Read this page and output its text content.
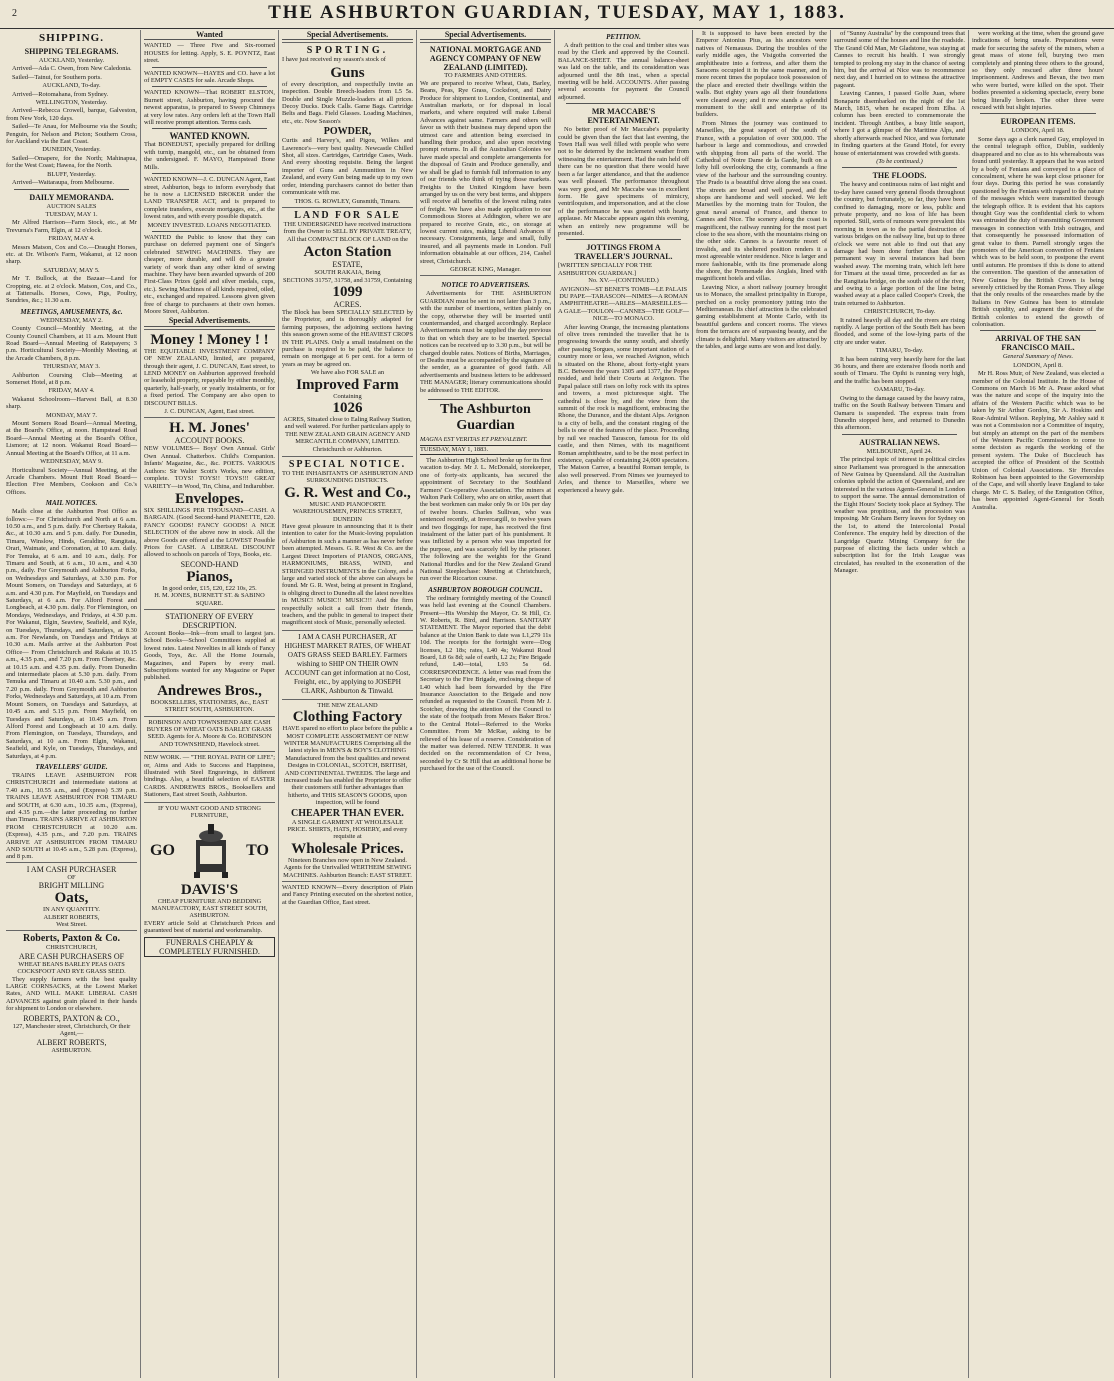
2	THE ASHBURTON GUARDIAN, TUESDAY, MAY 1, 1883.
SHIPPING.
SHIPPING TELEGRAMS.
AUCKLAND, Yesterday.
Arrived—Ada C. Owen, from New Caledonia.
Sailed—Tainui, for Southern ports.
AUCKLAND, To-day.
Arrived—Rotomahana, from Sydney.
WELLINGTON, Yesterday.
Arrived—Rebecca Crowell, barque, Galveston, from New York, 120 days.
Sailed—Te Anau, for Melbourne via the South; Penguin, for Nelson and Picton; Southern Cross, for Auckland via the East Coast.
DUNEDIN, Yesterday.
Sailed—Omapere, for the North; Mahinapua, for the West Coast; Hawea, for the North.
BLUFF, Yesterday.
Arrived—Waitaraupa, from Melbourne.
DAILY MEMORANDA.
AUCTION SALES
TUESDAY, MAY 1.
Mr Alfred Harrison—Farm Stock, etc., at Mr Trevurna's Farm, Elgin, at 12 o'clock.
FRIDAY, MAY 4.
Messrs Matson, Cox and Co.—Draught Horses, etc. at Dr. Wilson's Farm, Wakanui, at 12 noon sharp.
SATURDAY, MAY 5.
Mr T. Bullock, at the Bazaar—Land for Cropping, etc. at 2 o'clock. Matson, Cox, and Co., at Tattersalls. Horses, Cows, Pigs, Poultry, Sundries, &c.; 11.30 a.m.
MEETINGS, AMUSEMENTS, &c.
WEDNESDAY, MAY 2.
County Council—Monthly Meeting, at the County Council Chambers, at 11 a.m. Mount Hutt Road Board—Annual Meeting of Ratepayers; 3 p.m. Horticultural Society—Monthly Meeting, at the Arcade Chambers, 8 p.m.
THURSDAY, MAY 3.
Ashburton Coursing Club—Meeting at Somerset Hotel, at 8 p.m.
FRIDAY, MAY 4.
Wakanui Schoolroom—Harvest Ball, at 8.30 sharp.
MONDAY, MAY 7.
Mount Somers Road Board—Annual Meeting, at the Board's Office, at noon. Hampstead Road Board—Annual Meeting at the Board's Office, Lismore; at 12 noon. Wakanui Road Board—Annual Meeting at the Board's Office, at 11 a.m.
WEDNESDAY, MAY 9.
Horticultural Society—Annual Meeting, at the Arcade Chambers. Mount Hutt Road Board—Election Five Members, Cookson and Co.'s Offices.
MAIL NOTICES.
Mails close at the Ashburton Post Office as follows:— For Christchurch and North at 6 a.m. 10.50 a.m., and 5 p.m. daily. For Chertsey Rakaia, &c., at 10.30 a.m. and 5 p.m. daily. For Dunedin, Timaru, Winslow, Hinds, Geraldine, Rangitata, Orari, Waimate, and Coronation, at 10 a.m. daily. For Temuka, at 6 a.m. and 10 a.m., daily. For Timaru and South, at 6 a.m., 10 a.m., and 4.30 p.m., daily. For Greymouth and Ashburton Forks, on Wednesdays and Saturdays, at 3.30 p.m. For Mount Somers, on Tuesdays and Saturdays, at 6 a.m. and 4.30 p.m. For Mayfield, on Tuesdays and Saturdays, at 6 a.m. For Alford Forest and Longbeach, at 4.30 p.m. daily. For Flemington, on Mondays, Wednesdays, and Fridays, at 4.30 p.m. For Wakanui, Elgin, Seaview, Seafield, and Kyle, on Tuesdays, Thursdays, and Saturdays, at 8.30 a.m. For Newlands, on Tuesdays and Fridays at 10.30 a.m. Mails arrive at the Ashburton Post Office— From Christchurch and Rakaia at 10.15 a.m., 4.35 p.m., and 7.20 p.m. From Chertsey, &c. at 10.15 a.m. and 4.35 p.m. daily. From Dunedin and intermediate places at 5.30 p.m. daily. From Temuka and Timaru at 10.40 a.m. 5.30 p.m., and 7.20 p.m. daily. From Greymouth and Ashburton Forks, Wednesdays and Saturdays, at 10 a.m. From Mount Somers, on Tuesdays and Saturdays, at 10.45 a.m. and 5.15 p.m. From Mayfield, on Tuesdays and Saturdays, at 10.45 a.m. From Alford Forest and Longbeach at 10 a.m. daily. From Flemington, on Tuesdays, Thursdays, and Saturdays, at 10 a.m. From Elgin, Wakanui, Seafield, and Kyle, on Tuesdays, Thursdays, and Saturdays, at 4 p.m.
TRAVELLERS' GUIDE.
TRAINS LEAVE ASHBURTON FOR CHRISTCHURCH and intermediate stations at 7.40 a.m., 10.55 a.m., and (Express) 5.39 p.m. TRAINS LEAVE ASHBURTON FOR TIMARU and SOUTH, at 6.30 a.m., 10.35 a.m., (Express), and 4.35 p.m.—the latter proceeding no further than Timaru. TRAINS ARRIVE AT ASHBURTON FROM CHRISTCHURCH at 10.20 a.m. (Express), 4.35 p.m., and 7.20 p.m. TRAINS ARRIVE AT ASHBURTON FROM TIMARU AND SOUTH at 10.45 a.m., 5.28 p.m. (Express), and 8 p.m.
I AM CASH PURCHASER
OF
BRIGHT MILLING
Oats,
IN ANY QUANTITY.
ALBERT ROBERTS,
West Street.
Roberts, Paxton & Co.
CHRISTCHURCH,
ARE CASH PURCHASERS OF
WHEAT BEANS BARLEY PEAS OATS COCKSFOOT AND RYE GRASS SEED.
They supply farmers with the best quality LARGE CORNSACKS, at the Lowest Market Rates, AND WILL MAKE LIBERAL CASH ADVANCES against grain placed in their hands for shipment to London or elsewhere.
ROBERTS, PAXTON & CO.,
127, Manchester street, Christchurch, Or their Agent,—
ALBERT ROBERTS,
ASHBURTON.
Wanted
WANTED — Three Five and Six-roomed HOUSES for letting. Apply, S. E. POYNTZ, East street.
WANTED KNOWN—HAYES and CO. have a lot of EMPTY CASES for sale. Arcade Shops.
WANTED KNOWN—That ROBERT ELSTON, Burnett street, Ashburton, having procured the newest apparatus, is prepared to Sweep Chimneys at very low rates. Any orders left at the Town Hall will receive prompt attention. Terms cash.
WANTED KNOWN.
That BONEDUST, specially prepared for drilling with turnip, mangold, etc., can be obtained from the undersigned. F. MAYO, Hampstead Bone Mills.
WANTED KNOWN—J. C. DUNCAN Agent, East street, Ashburton, begs to inform everybody that he is now a LICENSED BROKER under the LAND TRANSFER ACT, and is prepared to complete transfers, execute mortgages, etc., at the lowest rates, and with every possible dispatch.
MONEY INVESTED. LOANS NEGOTIATED.
WANTED the Public to know that they can purchase on deferred payment one of Singer's celebrated SEWING MACHINES. They are cheaper, more durable, and will do a greater variety of work than any other kind of sewing machine. They have been awarded upwards of 200 First-Class Prizes (gold and silver medals, cups, etc.). Sewing Machines of all kinds repaired, oiled, etc., exchanged and repaired. Lessons given given free of charge to purchasers at their own homes. Moore Street, Ashburton.
Special Advertisements.
Money ! Money ! !
THE EQUITABLE INVESTMENT COMPANY OF NEW ZEALAND, limited, are prepared, through their agent, J. C. DUNCAN, East street, to LEND MONEY on Ashburton approved freehold or leasehold property, repayable by either monthly, quarterly, half-yearly, or yearly instalments, or for a fixed period. The Company are also open to DISCOUNT BILLS.
J. C. DUNCAN, Agent, East street.
H. M. Jones'
ACCOUNT BOOKS.
NEW VOLUMES— Boys' Own Annual. Girls' Own Annual. Chatterbox. Child's Companion. Infants' Magazine, &c., &c. POETS. VARIOUS Authors: Sir Walter Scott's Works, new edition, complete. TOYS! TOYS!! TOYS!!! GREAT VARIETY—in Wood, Tin, China, and Indiarubber.
Envelopes.
SIX SHILLINGS PER THOUSAND—CASH. A BARGAIN. (Good Second-hand PIANETTE, £20. FANCY GOODS! FANCY GOODS! A NICE SELECTION of the above now in stock. All the above Goods are offered at the LOWEST Possible Prices for CASH. A LIBERAL DISCOUNT allowed to schools on parcels of Toys, Books, etc.
SECOND-HAND
Pianos,
In good order, £15, £20, £22 10s, 25.
H. M. JONES, BURNETT ST. & SABINO SQUARE.
STATIONERY OF EVERY DESCRIPTION.
Account Books—Ink—from small to largest jars. School Books—School Committees supplied at lowest rates. Latest Novelties in all kinds of Fancy Goods, Toys, &c. All the Home Journals, Magazines, and Papers by every mail. Subscriptions wanted for any Magazine or Paper published.
Andrewes Bros.,
BOOKSELLERS, STATIONERS, &c., EAST STREET SOUTH, ASHBURTON.
ROBINSON AND TOWNSHEND ARE CASH BUYERS OF WHEAT OATS BARLEY GRASS SEED. Agents for A. Moore & Co. ROBINSON AND TOWNSHEND, Havelock street.
NEW WORK. — "THE ROYAL PATH OF LIFE"; or, Aims and Aids to Success and Happiness, illustrated with Steel Engravings, in different bindings. Also, a beautiful selection of EASTER CARDS. ANDREWES BROS., Booksellers and Stationers, East street South, Ashburton.
IF YOU WANT GOOD AND STRONG FURNITURE,
GO	TO
DAVIS'S
CHEAP FURNITURE AND BEDDING MANUFACTORY, EAST STREET SOUTH, ASHBURTON.
EVERY article Sold at Christchurch Prices and guaranteed best of material and workmanship.
FUNERALS CHEAPLY & COMPLETELY FURNISHED.
Special Advertisements.
SPORTING.
I have just received my season's stock of
Guns
of every description, and respectfully invite an inspection. Double Breech-loaders from L5 5s. Double and Single Muzzle-loaders at all prices. Decoy Ducks. Duck Calls. Game Bags. Cartridge Belts and Bags. Field Glasses. Loading Machines, etc., etc. Now Season's
POWDER,
Curtis and Harvey's, and Pigou, Wilkes and Lawrence's—very best quality. Newcastle Chilled Shot, all sizes. Cartridges, Cartridge Cases, Wads. And every shooting requisite. Being the largest importer of Guns and Ammunition in New Zealand, and every Gun being made up to my own order, intending purchasers cannot do better than communicate with me.
THOS. G. ROWLEY, Gunsmith, Timaru.
LAND FOR SALE
THE UNDERSIGNED have received instructions from the Owner to SELL BY PRIVATE TREATY, All that COMPACT BLOCK OF LAND on the
Acton Station
ESTATE,
SOUTH RAKAIA, Being
SECTIONS 31757, 31758, and 31759, Containing
1099
ACRES.
The Block has been SPECIALLY SELECTED by the Proprietor, and is thoroughly adapted for farming purposes, the adjoining sections having this season grown some of the HEAVIEST CROPS IN THE PLAINS. Only a small instalment on the purchase is required to be paid, the balance to remain on mortgage at 6 per cent. for a term of years as may be agreed on.
We have also FOR SALE an
Improved Farm
Containing
1026
ACRES, Situated close to Ealing Railway Station, and well watered. For further particulars apply to THE NEW ZEALAND GRAIN AGENCY AND MERCANTILE COMPANY, LIMITED. Christchurch or Ashburton.
SPECIAL NOTICE.
TO THE INHABITANTS OF ASHBURTON AND SURROUNDING DISTRICTS.
G. R. West and Co.,
MUSIC AND PIANOFORTE WAREHOUSEMEN, PRINCES STREET, DUNEDIN
Have great pleasure in announcing that it is their intention to cater for the Music-loving population of Ashburton in such a manner as has never before been attempted. Messrs. G. R. West & Co. are the Largest Direct Importers of PIANOS, ORGANS, HARMONIUMS, BRASS, WIND, and STRINGED INSTRUMENTS in the Colony, and a large and varied stock of the above can always be found. Mr G. R. West, being at present in England, is obliging direct to Dunedin all the latest novelties in MUSIC! MUSIC!! MUSIC!!! And the firm respectfully solicit a call from their friends, teachers, and the public in general to inspect their magnificent stock of Music, personally selected.
I AM A CASH PURCHASER, AT HIGHEST MARKET RATES, OF WHEAT OATS GRASS SEED BARLEY. Farmers wishing to SHIP ON THEIR OWN ACCOUNT can get information at no Cost, Freight, etc., by applying to JOSEPH CLARK, Ashburton & Tinwald.
THE NEW ZEALAND
Clothing Factory
HAVE spared no effort to place before the public a MOST COMPLETE ASSORTMENT OF NEW WINTER MANUFACTURES Comprising all the latest styles in MEN'S & BOY'S CLOTHING Manufactured from the best qualities and newest Designs in COLONIAL, SCOTCH, BRITISH, AND CONTINENTAL TWEEDS. The large and increased trade has enabled the Proprietor to offer their customers still further advantages than hitherto, and THIS SEASON'S GOODS, upon inspection, will be found
CHEAPER THAN EVER.
A SINGLE GARMENT AT WHOLESALE PRICE. SHIRTS, HATS, HOSIERY, and every requisite at
Wholesale Prices.
Nineteen Branches now open in New Zealand. Agents for the Unrivalled WERTHEIM SEWING MACHINES. Ashburton Branch: EAST STREET.
WANTED KNOWN—Every description of Plain and Fancy Printing executed on the shortest notice, at the Guardian Office, East street.
Special Advertisements.
NATIONAL MORTGAGE AND AGENCY COMPANY OF NEW ZEALAND (LIMITED).
TO FARMERS AND OTHERS.
We are prepared to receive Wheat, Oats, Barley, Beans, Peas, Rye Grass, Cocksfoot, and Dairy Produce for shipment to London, Continental, and Australian markets, or for disposal in local markets, and where required will make Liberal Advances against same. Farmers and others will favor us with their business may depend upon the utmost care and attention being exercised in handling their produce, and also upon receiving prompt returns. In all the Australian Colonies we have made special and complete arrangements for the disposal of Grain and Produce generally, and we shall be glad to furnish full information to any of our friends who think of trying those markets. Freights to the United Kingdom have been arranged by us on the very best terms, and shippers will receive all benefits of the lowest ruling rates of freight. We have also made application to our Commodious Stores at Addington, where we are prepared to receive Grain, etc., on storage at lowest current rates, making Liberal Advances if necessary. Consignments, large and small, fully insured, and all payments made in London. Full information obtainable at our offices, 214, Cashel street, Christchurch.
GEORGE KING, Manager.
NOTICE TO ADVERTISERS.
Advertisements for THE ASHBURTON GUARDIAN must be sent in not later than 3 p.m., with the number of insertions, written plainly on the copy, otherwise they will be inserted until countermanded, and charged accordingly. Replace Advertisements must be supplied the day previous to that on which they are to be inserted. Special notices can be received up to 3.30 p.m., but will be charged double rates. Notices of Births, Marriages, or Deaths must be accompanied by the signature of the sender, as a guarantee of good faith. All advertisements and business letters to be addressed THE MANAGER; literary communications should be addressed to THE EDITOR.
The Ashburton Guardian
MAGNA EST VERITAS ET PREVALEBIT.
TUESDAY, MAY 1, 1883.
The Ashburton High School broke up for its first vacation to-day. Mr J. L. McDonald, storekeeper, one of forty-six applicants, has secured the appointment of Secretary to the Southland Farmers' Co-operative Association. The miners at Walton Park Colliery, who are on strike, assert that the best workmen can make only 9s or 10s per day of twelve hours. Charles Sullivan, who was sentenced recently, at Invercargill, to twelve years and two floggings for rape, has received the first instalment of the latter part of his punishment. It was inflicted by a person who was imported for the purpose, and was scarcely fell by the prisoner. The following are the weights for the Grand National Hurdles and for the New Zealand Grand National Steeplechase: Meeting at Christchurch, run over the Riccarton course.
ASHBURTON BOROUGH COUNCIL.
The ordinary fortnightly meeting of the Council was held last evening at the Council Chambers. Present—His Worship the Mayor, Cr. St Hill, Cr. W. Roberts, R. Bird, and Harrison. SANITARY STATEMENT. The Mayor reported that the debit balance at the Union Bank to date was L1,279 11s 10d. The receipts for the fortnight were—Dog licenses, L2 18s; rates, L40 4s; Wakanui Road Board, L8 6s 8d; sale of earth, L2 2s; Fire Brigade refund, L40—total, L93 5s 6d. CORRESPONDENCE. A letter was read from the Secretary to the Fire Brigade, enclosing cheque of L40 which had been forwarded by the Fire Insurance Association to the Brigade and now refunded as requested to the Council. From Mr J. Scotcher, drawing the attention of the Council to the state of the footpath from Messrs Baker Bros.' to the Central Hotel—Referred to the Works Committee. From Mr McRae, asking to be relieved of his lease of a reserve. Consideration of the matter was deferred. NEW TENDER. It was decided on the recommendation of Cr Ivess, seconded by Cr St Hill that an additional horse be purchased for the use of the Council.
PETITION.
A draft petition to the coal and timber sites was read by the Clerk and approved by the Council. BALANCE-SHEET. The annual balance-sheet was laid on the table, and its consideration was adjourned until the 8th inst., when a special meeting will be held. ACCOUNTS. After passing several accounts for payment the Council adjourned.
MR MACCABE'S ENTERTAINMENT.
No better proof of Mr Maccabe's popularity could be given than the fact that last evening, the Town Hall was well filled with people who were not to be deterred by the inclement weather from witnessing the entertainment. Had the rain held off there can be no question that there would have been a far larger attendance, and that the audience was well pleased. The performance throughout was very good, and Mr Maccabe was in excellent form. He gave specimens of mimicry, ventriloquism, and impersonation, and at the close of the performance he was greeted with hearty applause. Mr Maccabe appears again this evening, when an entirely new programme will be presented.
JOTTINGS FROM A TRAVELLER'S JOURNAL.
[WRITTEN SPECIALLY FOR THE ASHBURTON GUARDIAN.]
No. XV.—(CONTINUED.)
AVIGNON—ST BENET'S TOMB—LE PALAIS DU PAPE—TARASCON—NIMES—A ROMAN AMPHITHEATRE—ARLES—MARSEILLES—A GALE—TOULON—CANNES—THE GOLF—NICE—TO MONACO.
After leaving Orange, the increasing plantations of olive trees reminded the traveller that he is progressing towards the sunny south, and shortly after passing Sorgues, some important station of a country more or less, we reached Avignon, which is situated on the Rhone, about forty-eight years B.C. Between the years 1305 and 1377, the Popes resided, and held their Courts at Avignon. The Papal palace still rises on lofty rock with its spires and towers, a most picturesque sight. The cathedral is close by, and the view from the summit of the rock is magnificent, embracing the Rhone, the Durance, and the distant Alps. Avignon is a city of bells, and the constant ringing of the bells is one of the features of the place. Proceeding by rail we reached Tarascon, famous for its old castle, and then Nimes, with its magnificent Roman amphitheatre, said to be the most perfect in existence, capable of containing 24,000 spectators. The Maison Carree, a beautiful Roman temple, is also well preserved. From Nimes we journeyed to Arles, and thence to Marseilles, where we experienced a heavy gale.
It is supposed to have been erected by the Emperor Antonius Pius, as his ancestors were natives of Nemausus. During the troubles of the early middle ages, the Visigoths converted the amphitheatre into a fortress, and after them the Saracens occupied it in the same manner, and in more recent times the populace took possession of the place and erected their dwellings within the walls. But eighty years ago all their foundations were cleared away; and it now stands a splendid monument to the skill and enterprise of its builders.
From Nimes the journey was continued to Marseilles, the great seaport of the south of France, with a population of over 300,000. The harbour is large and commodious, and crowded with shipping from all parts of the world. The Cathedral of Notre Dame de la Garde, built on a lofty hill overlooking the city, commands a fine view of the harbour and the surrounding country. The Prado is a beautiful drive along the sea coast. The streets are broad and well paved, and the shops are handsome and well stocked. We left Marseilles by the morning train for Toulon, the great naval arsenal of France, and thence to Cannes and Nice. The scenery along the coast is magnificent, the railway running for the most part close to the sea shore, with the mountains rising on the other side. Cannes is a favourite resort of invalids, and its sheltered position renders it a most agreeable winter residence. Nice is larger and more fashionable, with its fine promenade along the shore, the Promenade des Anglais, lined with magnificent hotels and villas.
Leaving Nice, a short railway journey brought us to Monaco, the smallest principality in Europe, perched on a rocky promontory jutting into the Mediterranean. Its chief attraction is the celebrated gaming establishment at Monte Carlo, with its beautiful gardens and concert rooms. The views from the terraces are of surpassing beauty, and the climate is delightful. Many visitors are attracted by the tables, and large sums are won and lost daily.
of "Sunny Australia" by the compound trees that surround some of the houses and line the roadside. The Grand Old Man, Mr Gladstone, was staying at Cannes to recruit his health. I was strongly tempted to prolong my stay in the chance of seeing him, but the arrival at Nice was to recommence next day, and I hurried on to witness the attractive pageant.
Leaving Cannes, I passed Golfe Juan, where Bonaparte disembarked on the night of the 1st March, 1815, when he escaped from Elba. A column has been erected to commemorate the incident. Through Antibes, a busy little seaport, where I got a glimpse of the Maritime Alps, and shortly afterwards reached Nice, and was fortunate in finding quarters at the Grand Hotel, for every house of entertainment was crowded with guests.
(To be continued.)
THE FLOODS.
The heavy and continuous rains of last night and to-day have caused very general floods throughout the country, but fortunately, so far, they have been confined to damaging, more or less, public and private property, and no loss of life has been reported. Still, sorts of rumours were prevalent this morning in town as to the partial destruction of various bridges on the railway line, but up to three o'clock we were not able to find out that any damage had been done further than that the permanent way in several instances had been washed away. The morning train, which left here for Timaru at the usual time, proceeded as far as the Rangitata bridge, on the south side of the river, and owing to a large portion of the line being washed away at a place called Cooper's Creek, the train returned to Ashburton.
CHRISTCHURCH, To-day.
It rained heavily all day and the rivers are rising rapidly. A large portion of the South Belt has been flooded, and some of the low-lying parts of the city are under water.
TIMARU, To-day.
It has been raining very heavily here for the last 36 hours, and there are extensive floods north and south of Timaru. The Opihi is running very high, and the traffic has been stopped.
OAMARU, To-day.
Owing to the damage caused by the heavy rains, traffic on the South Railway between Timaru and Oamaru is suspended. The express train from Dunedin stopped here, and returned to Dunedin this afternoon.
AUSTRALIAN NEWS.
MELBOURNE, April 24.
The principal topic of interest in political circles since Parliament was prorogued is the annexation of New Guinea by Queensland. All the Australian colonies uphold the action of Queensland, and are interested in the various Agents-General in London to support the same. The annual demonstration of the Eight Hours' Society took place at Sydney. The weather was propitious, and the procession was imposing. Mr Graham Berry leaves for Sydney on the 1st, to attend the Intercolonial Postal Conference. The enquiry held by direction of the Langridge Quartz Mining Company for the purpose of eliciting the facts under which a subscription list for the Irish League was circulated, has resulted in the exoneration of the Manager.
were working at the time, when the ground gave indications of being unsafe. Preparations were made for securing the safety of the miners, when a great mass of stone fell, burying two men completely and pinning three others to the ground, so they only rescued after three hours' imprisonment. Andrews and Bevan, the two men who were buried, were killed on the spot. Their bodies presented a sickening spectacle, every bone being literally broken. The other three were rescued with but slight injuries.
EUROPEAN ITEMS.
LONDON, April 18.
Some days ago a clerk named Guy, employed in the central telegraph office, Dublin, suddenly disappeared and no clue as to his whereabouts was found until yesterday. It appears that he was seized by a body of Fenians and conveyed to a place of concealment, where he was kept close prisoner for four days. During this period he was constantly questioned by the Fenians with regard to the nature of the messages which were transmitted through the telegraph office. It is evident that his captors thought Guy was the confidential clerk to whom was entrusted the duty of transmitting Government messages in connection with Irish outrages, and that consequently he possessed information of great value to them. Parnell strongly urges the promoters of the American convention of Fenians which was to be held soon, to postpone the event until autumn. He promises if this is done to attend the convention. The question of the annexation of New Guinea by the British Crown is being severely criticised by the Roman Press. They allege that the only results of the researches made by the Italians in New Guinea has been to stimulate British cupidity, and augment the desire of the British colonies to extend the growth of colonisation.
ARRIVAL OF THE SAN FRANCISCO MAIL.
General Summary of News.
LONDON, April 8.
Mr H. Ross Muir, of New Zealand, was elected a member of the Colonial Institute. In the House of Commons on March 16 Mr A. Pease asked what was the nature and scope of the inquiry into the affairs of the Western Pacific which was to be taken by Sir Arthur Gordon, Sir A. Hoskins and Rear-Admiral Wilson. Replying, Mr Ashley said it was not a Commission nor a Committee of inquiry, but simply an attempt on the part of the members of the Western Pacific Commission to come to some decision as regards the working of the present system. The Duke of Buccleuch has accepted the office of President of the Scottish Union of Colonial Associations. Sir Hercules Robinson has been appointed to the Governorship of the Cape, and will shortly leave England to take charge. Mr C. S. Bailey, of the Emigration Office, has been appointed Agent-General for South Australia.
